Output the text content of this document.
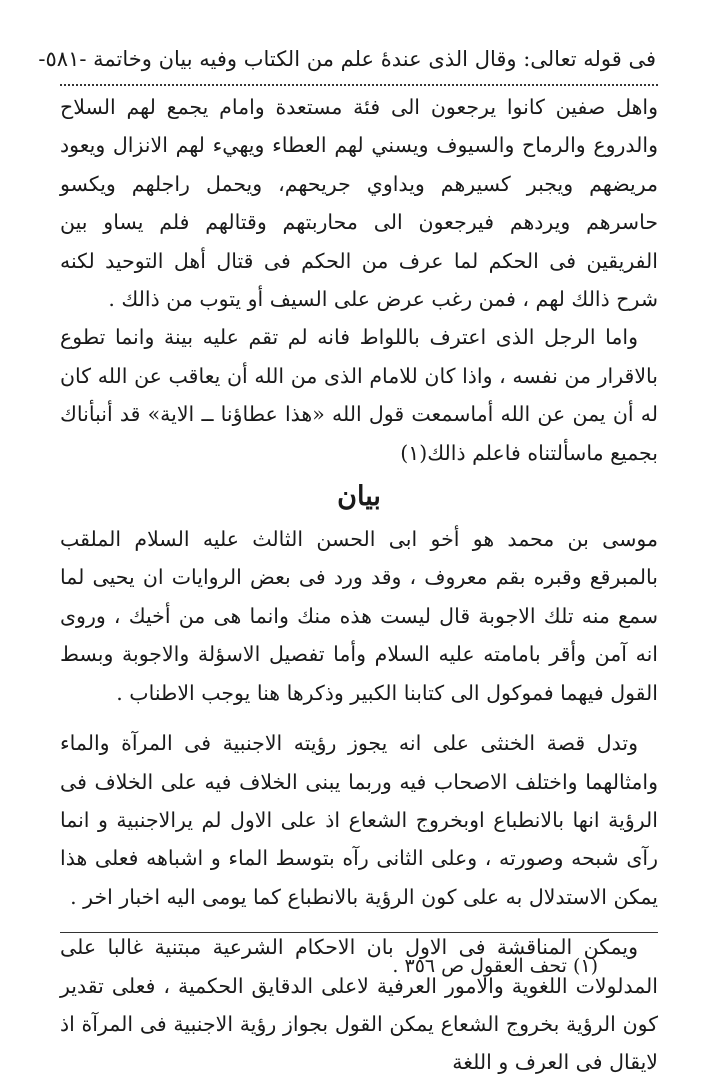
فى قوله تعالى: وقال الذى عندهٔ علم من الكتاب وفيه بيان وخاتمة -٥٨١-

واهل صفين كانوا يرجعون الى فئة مستعدة وامام يجمع لهم السلاح والدروع والرماح والسيوف ويسني لهم العطاء ويهيء لهم الانزال ويعود مريضهم ويجبر كسيرهم ويداوي جريحهم، ويحمل راجلهم ويكسو حاسرهم ويردهم فيرجعون الى محاربتهم وقتالهم فلم يساو بين الفريقين فى الحكم لما عرف من الحكم فى قتال أهل التوحيد لكنه شرح ذالك لهم ، فمن رغب عرض على السيف أو يتوب من ذالك .

واما الرجل الذى اعترف باللواط فانه لم تقم عليه بينة وانما تطوع بالاقرار من نفسه ، واذا كان للامام الذى من الله أن يعاقب عن الله كان له أن يمن عن الله أماسمعت قول الله «هذا عطاؤنا ــ الاية» قد أنبأناك بجميع ماسألتناه فاعلم ذالك(١)

بيان

موسى بن محمد هو أخو ابى الحسن الثالث عليه السلام الملقب بالمبرقع وقبره بقم معروف ، وقد ورد فى بعض الروايات ان يحيى لما سمع منه تلك الاجوبة قال ليست هذه منك وانما هى من أخيك ، وروى انه آمن وأقر بامامته عليه السلام وأما تفصيل الاسؤلة والاجوبة وبسط القول فيهما فموكول الى كتابنا الكبير وذكرها هنا يوجب الاطناب .

وتدل قصة الخنثى على انه يجوز رؤيته الاجنبية فى المرآة والماء وامثالهما واختلف الاصحاب فيه وربما يبنى الخلاف فيه على الخلاف فى الرؤية انها بالانطباع اوبخروج الشعاع اذ على الاول لم يرالاجنبية و انما رآى شبحه وصورته ، وعلى الثانى رآه بتوسط الماء و اشباهه فعلى هذا يمكن الاستدلال به على كون الرؤية بالانطباع كما يومى اليه اخبار اخر .

ويمكن المناقشة فى الاول بان الاحكام الشرعية مبتنية غالبا على المدلولات اللغوية والامور العرفية لاعلى الدقايق الحكمية ، فعلى تقدير كون الرؤية بخروج الشعاع يمكن القول بجواز رؤية الاجنبية فى المرآة اذ لايقال فى العرف و اللغة

(١) تحف العقول ص ٣٥٦ .
